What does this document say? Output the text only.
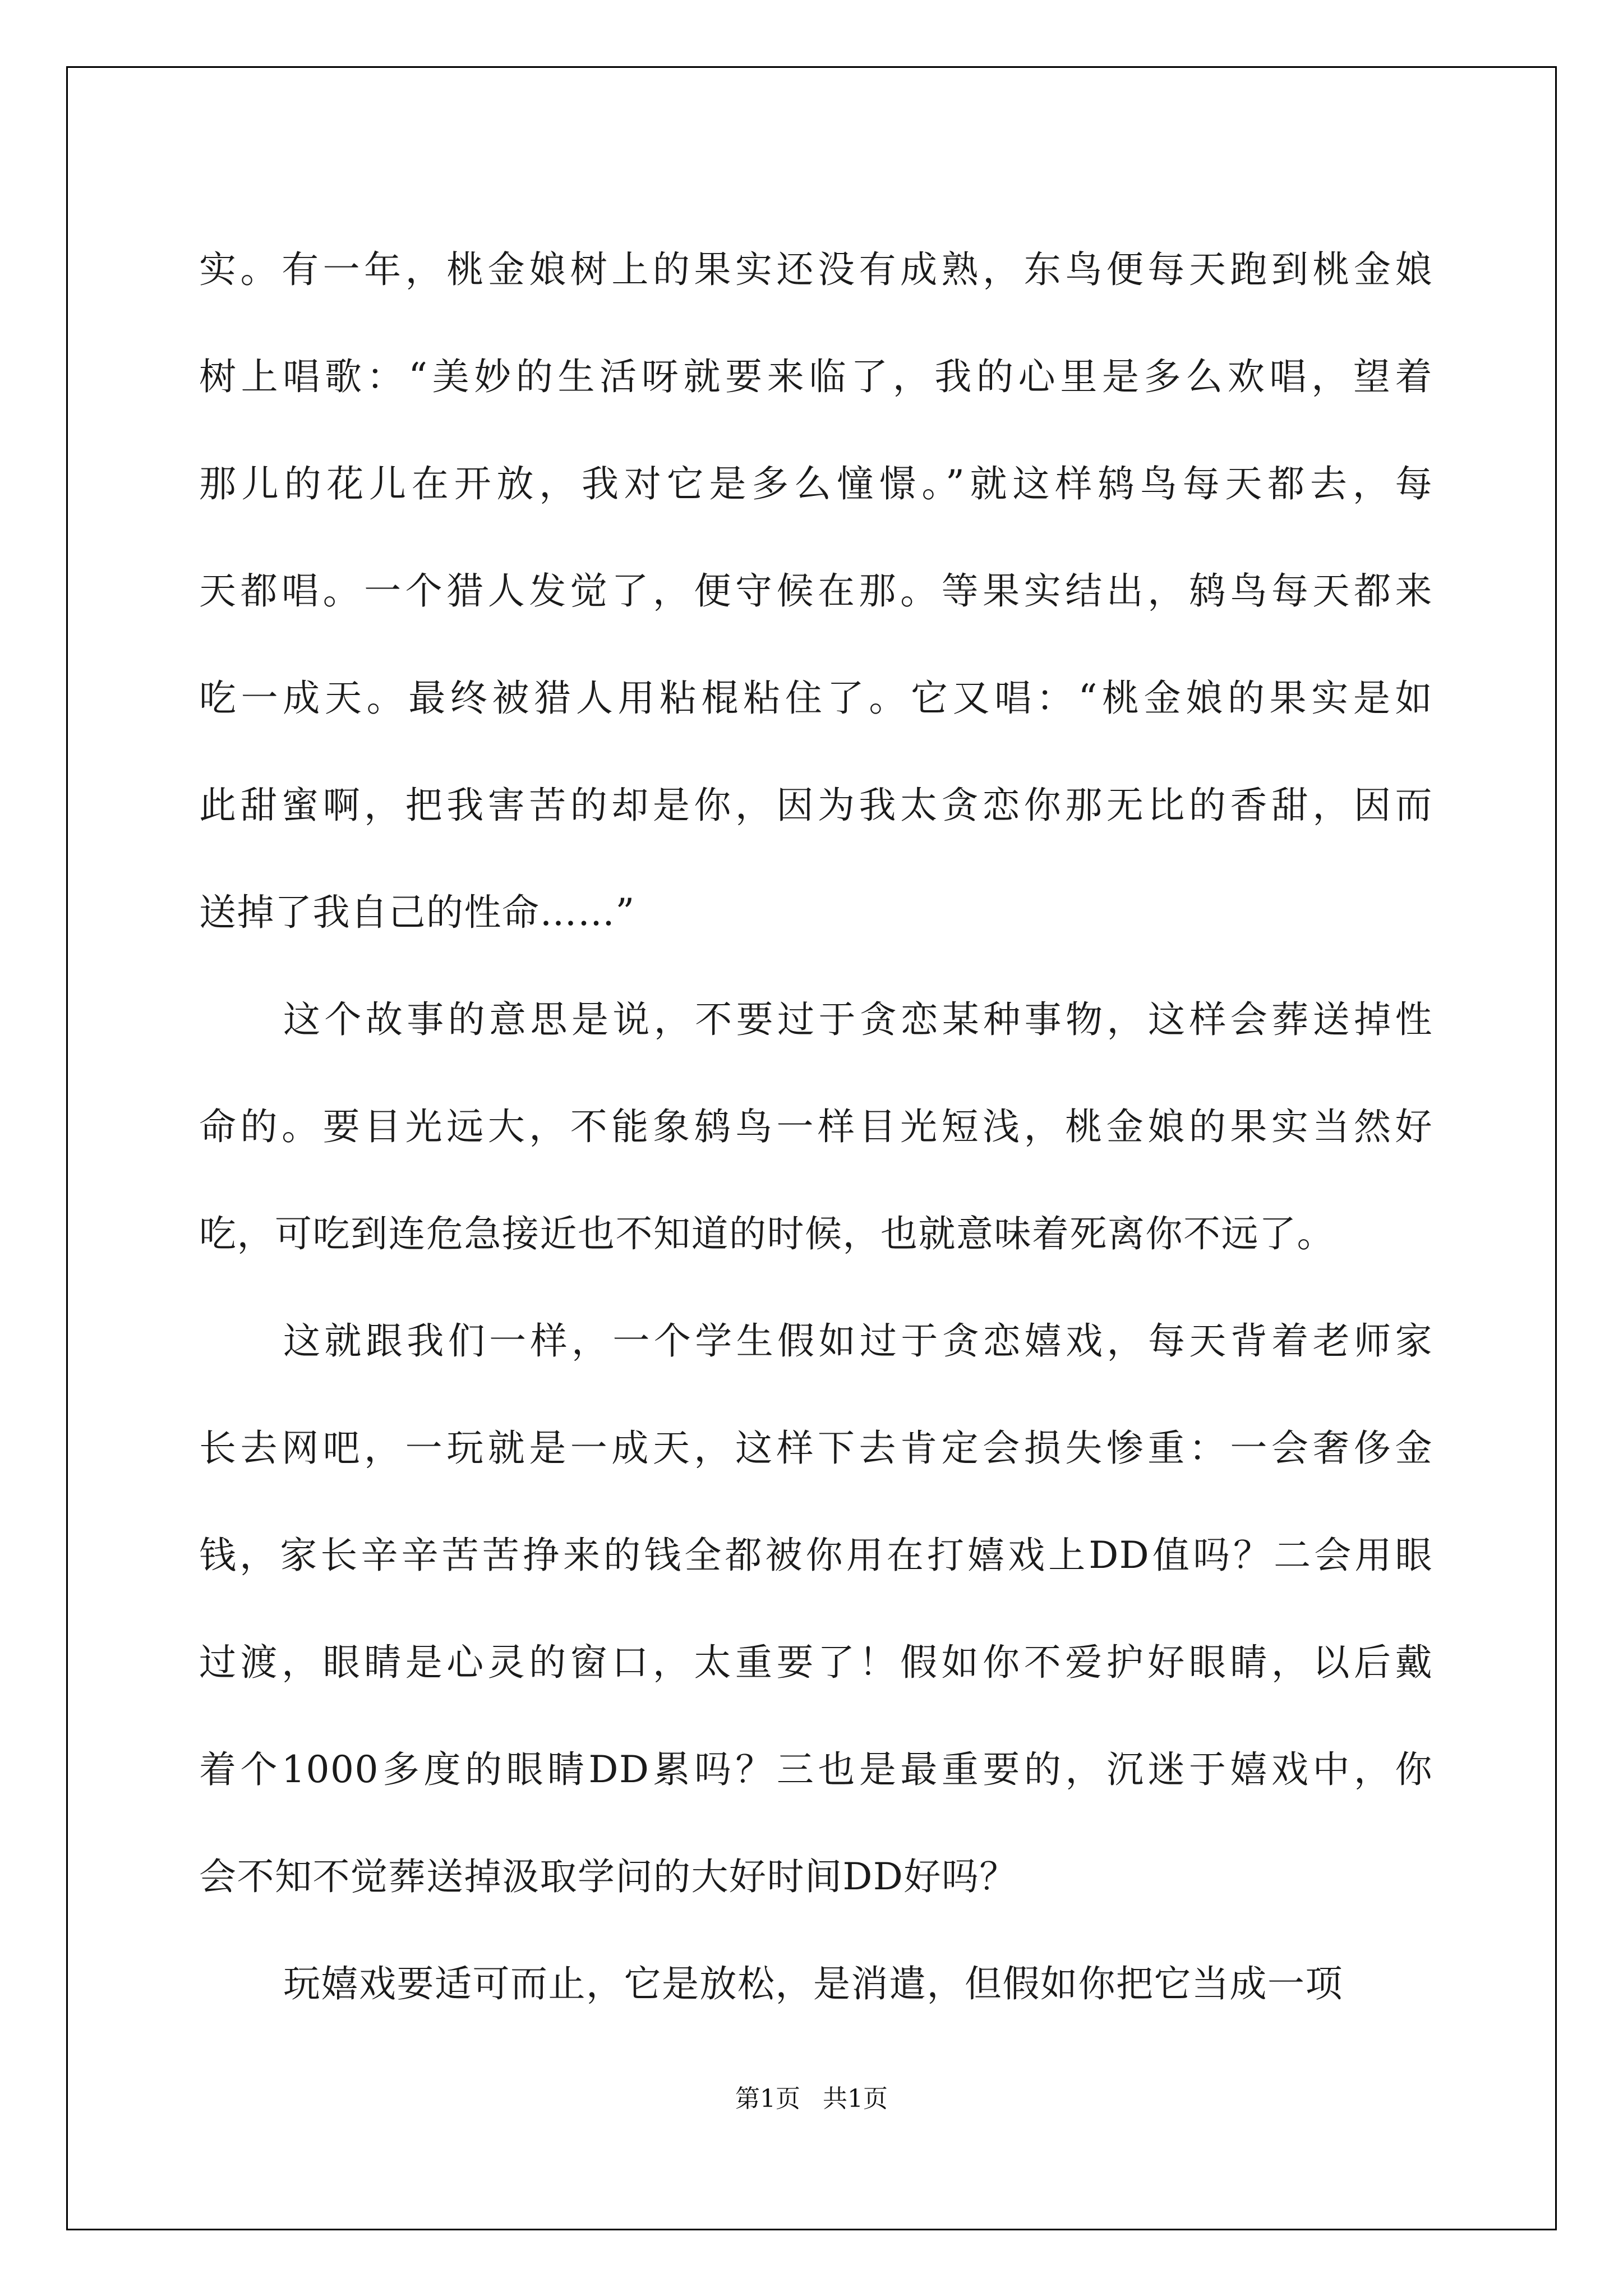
实。有一年，桃金娘树上的果实还没有成熟，东鸟便每天跑到桃金娘
树上唱歌：“美妙的生活呀就要来临了，我的心里是多么欢唱，望着
那儿的花儿在开放，我对它是多么憧憬。”就这样鸫鸟每天都去，每
天都唱。一个猎人发觉了，便守候在那。等果实结出，鸫鸟每天都来
吃一成天。最终被猎人用粘棍粘住了。它又唱：“桃金娘的果实是如
此甜蜜啊，把我害苦的却是你，因为我太贪恋你那无比的香甜，因而
送掉了我自己的性命……”
这个故事的意思是说，不要过于贪恋某种事物，这样会葬送掉性
命的。要目光远大，不能象鸫鸟一样目光短浅，桃金娘的果实当然好
吃，可吃到连危急接近也不知道的时候，也就意味着死离你不远了。
这就跟我们一样，一个学生假如过于贪恋嬉戏，每天背着老师家
长去网吧，一玩就是一成天，这样下去肯定会损失惨重：一会奢侈金
钱，家长辛辛苦苦挣来的钱全都被你用在打嬉戏上DD值吗？二会用眼
过渡，眼睛是心灵的窗口，太重要了！假如你不爱护好眼睛，以后戴
着个1000多度的眼睛DD累吗？三也是最重要的，沉迷于嬉戏中，你
会不知不觉葬送掉汲取学问的大好时间DD好吗？
玩嬉戏要适可而止，它是放松，是消遣，但假如你把它当成一项
第1页 共1页
